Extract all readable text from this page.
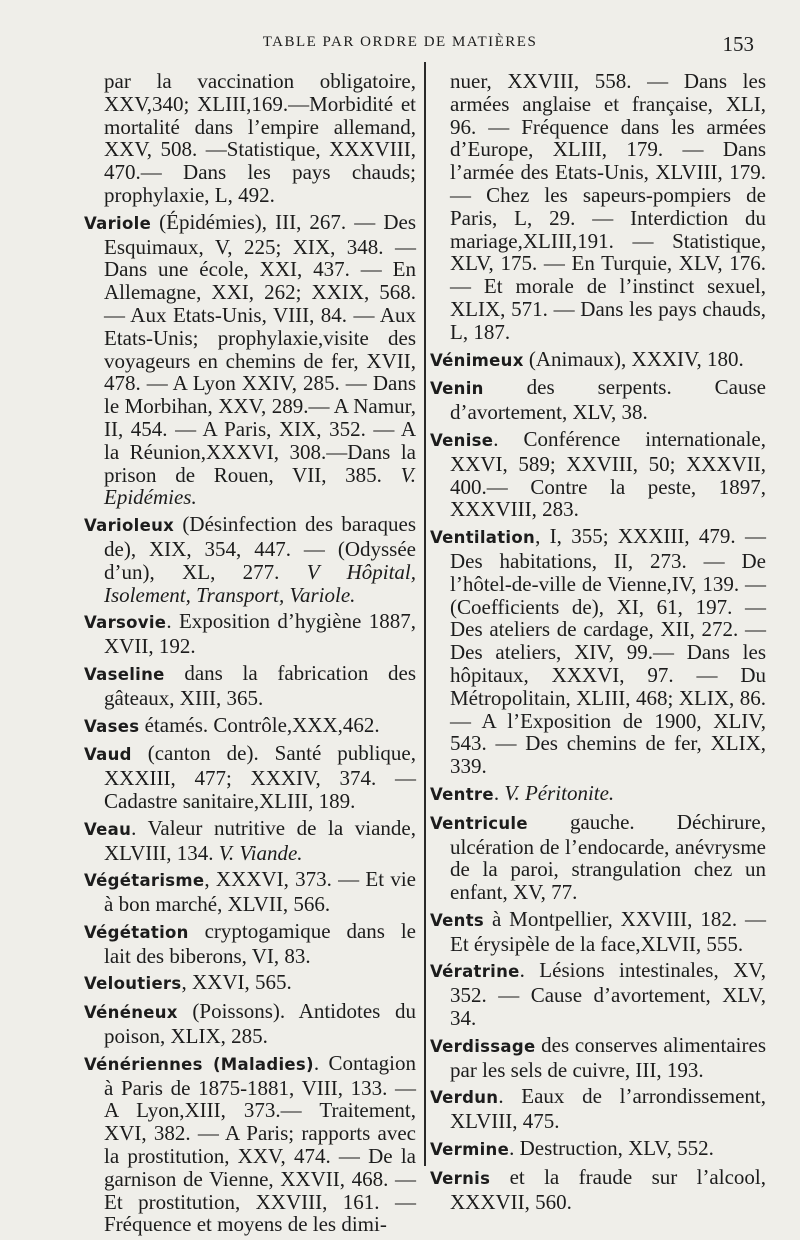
TABLE PAR ORDRE DE MATIÈRES	153

par la vaccination obligatoire, XXV,340; XLIII,169.—Morbidité et mortalité dans l’empire allemand, XXV, 508. —Statistique, XXXVIII, 470.— Dans les pays chauds; prophylaxie, L, 492.

Variole (Épidémies), III, 267. — Des Esquimaux, V, 225; XIX, 348. — Dans une école, XXI, 437. — En Allemagne, XXI, 262; XXIX, 568. — Aux Etats-Unis, VIII, 84. — Aux Etats-Unis; prophylaxie,visite des voyageurs en chemins de fer, XVII, 478. — A Lyon XXIV, 285. — Dans le Morbihan, XXV, 289.— A Namur, II, 454. — A Paris, XIX, 352. — A la Réunion,XXXVI, 308.—Dans la prison de Rouen, VII, 385. V. Epidémies.

Varioleux (Désinfection des baraques de), XIX, 354, 447. — (Odyssée d’un), XL, 277. V Hôpital, Isolement, Transport, Variole.

Varsovie. Exposition d’hygiène 1887, XVII, 192.

Vaseline dans la fabrication des gâteaux, XIII, 365.

Vases étamés. Contrôle,XXX,462.

Vaud (canton de). Santé publique, XXXIII, 477; XXXIV, 374. — Cadastre sanitaire,XLIII, 189.

Veau. Valeur nutritive de la viande, XLVIII, 134. V. Viande.

Végétarisme, XXXVI, 373. — Et vie à bon marché, XLVII, 566.

Végétation cryptogamique dans le lait des biberons, VI, 83.

Veloutiers, XXVI, 565.

Vénéneux (Poissons). Antidotes du poison, XLIX, 285.

Vénériennes (Maladies). Contagion à Paris de 1875-1881, VIII, 133. — A Lyon,XIII, 373.— Traitement, XVI, 382. — A Paris; rapports avec la prostitution, XXV, 474. — De la garnison de Vienne, XXVII, 468. — Et prostitution, XXVIII, 161. — Fréquence et moyens de les dimi-

nuer, XXVIII, 558. — Dans les armées anglaise et française, XLI, 96. — Fréquence dans les armées d’Europe, XLIII, 179. — Dans l’armée des Etats-Unis, XLVIII, 179.— Chez les sapeurs-pompiers de Paris, L, 29. — Interdiction du mariage,XLIII,191. — Statistique, XLV, 175. — En Turquie, XLV, 176.— Et morale de l’instinct sexuel, XLIX, 571. — Dans les pays chauds, L, 187.

Vénimeux (Animaux), XXXIV, 180.

Venin des serpents. Cause d’avortement, XLV, 38.

Venise. Conférence internationale, XXVI, 589; XXVIII, 50; XXXVII, 400.— Contre la peste, 1897, XXXVIII, 283.

Ventilation, I, 355; XXXIII, 479. — Des habitations, II, 273. — De l’hôtel-de-ville de Vienne,IV, 139. — (Coefficients de), XI, 61, 197. — Des ateliers de cardage, XII, 272. — Des ateliers, XIV, 99.— Dans les hôpitaux, XXXVI, 97. — Du Métropolitain, XLIII, 468; XLIX, 86. — A l’Exposition de 1900, XLIV, 543. — Des chemins de fer, XLIX, 339.

Ventre. V. Péritonite.

Ventricule gauche. Déchirure, ulcération de l’endocarde, anévrysme de la paroi, strangulation chez un enfant, XV, 77.

Vents à Montpellier, XXVIII, 182. — Et érysipèle de la face,XLVII, 555.

Vératrine. Lésions intestinales, XV, 352. — Cause d’avortement, XLV, 34.

Verdissage des conserves alimentaires par les sels de cuivre, III, 193.

Verdun. Eaux de l’arrondissement, XLVIII, 475.

Vermine. Destruction, XLV, 552.

Vernis et la fraude sur l’alcool, XXXVII, 560.
